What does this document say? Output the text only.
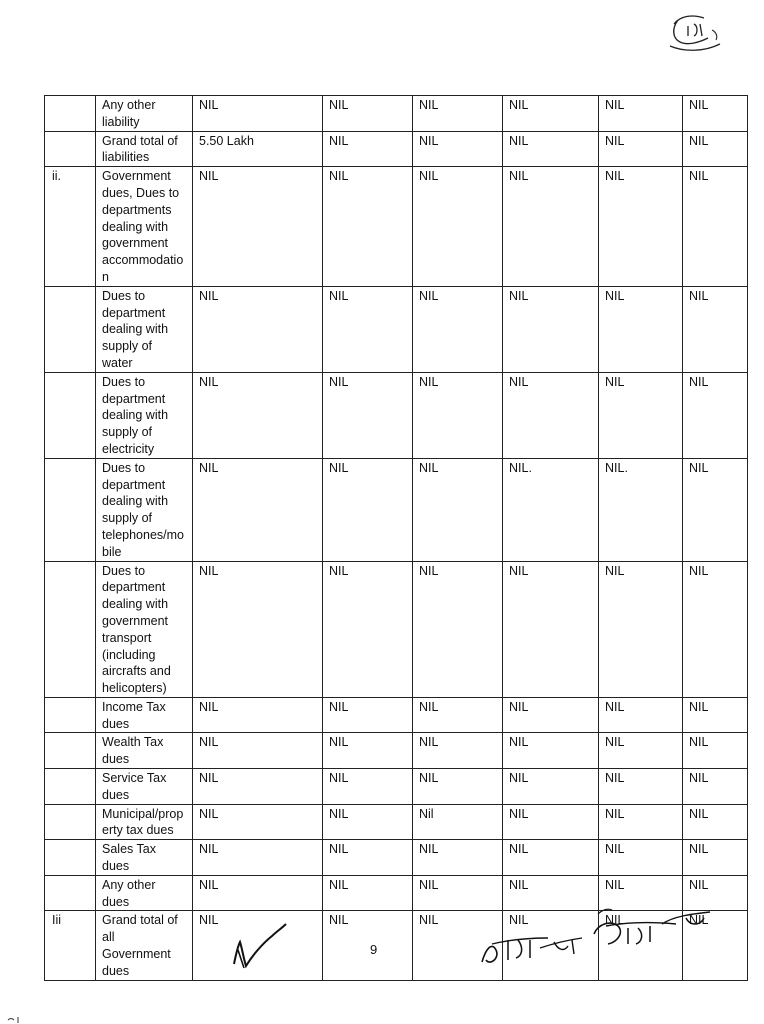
	Any other liability	NIL	NIL	NIL	NIL	NIL	NIL
	Grand total of liabilities	5.50 Lakh	NIL	NIL	NIL	NIL	NIL
ii.	Government dues, Dues to departments dealing with government accommodatio n	NIL	NIL	NIL	NIL	NIL	NIL
	Dues to department dealing with supply of water	NIL	NIL	NIL	NIL	NIL	NIL
	Dues to department dealing with supply of electricity	NIL	NIL	NIL	NIL	NIL	NIL
	Dues to department dealing with supply of telephones/mo bile	NIL	NIL	NIL	NIL.	NIL.	NIL
	Dues to department dealing with government transport (including aircrafts and helicopters)	NIL	NIL	NIL	NIL	NIL	NIL
	Income Tax dues	NIL	NIL	NIL	NIL	NIL	NIL
	Wealth Tax dues	NIL	NIL	NIL	NIL	NIL	NIL
	Service Tax dues	NIL	NIL	NIL	NIL	NIL	NIL
	Municipal/prop erty tax dues	NIL	NIL	Nil	NIL	NIL	NIL
	Sales Tax dues	NIL	NIL	NIL	NIL	NIL	NIL
	Any other dues	NIL	NIL	NIL	NIL	NIL	NIL
Iii	Grand total of all Government dues	NIL	NIL	NIL	NIL	NIL	NIL
9
